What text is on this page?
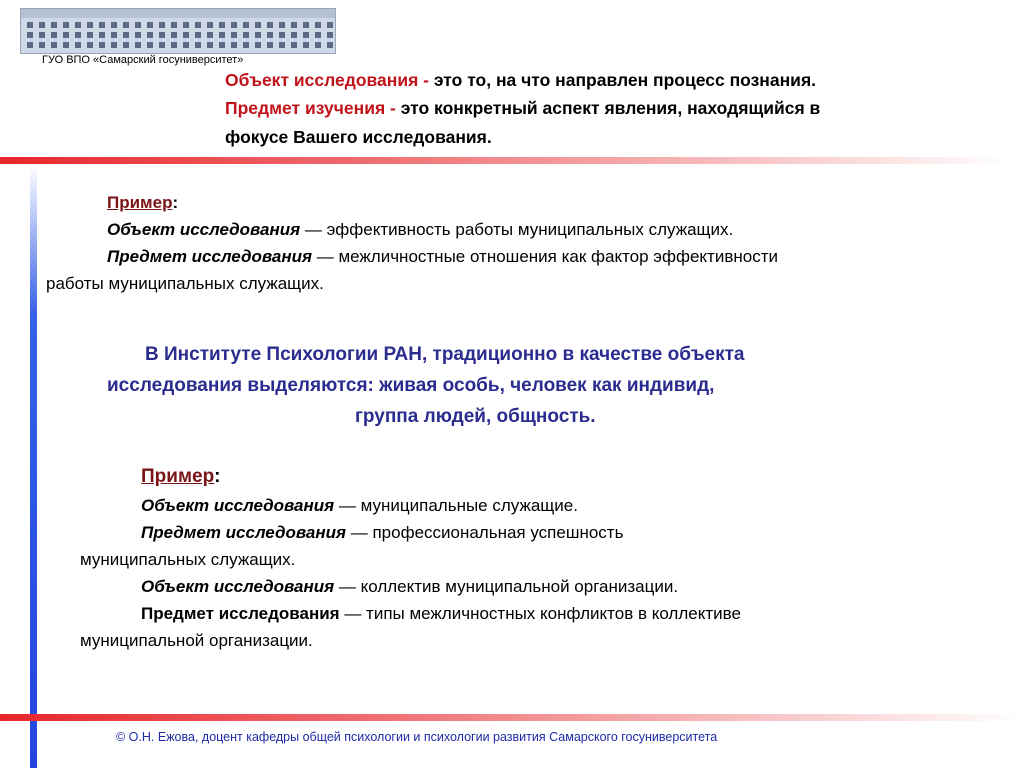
ГУО ВПО «Самарский госуниверситет»
Объект исследования - это то, на что направлен процесс познания.
Предмет изучения - это конкретный аспект явления, находящийся в
фокусе Вашего исследования.
Пример:
Объект исследования — эффективность работы муниципальных служащих.
Предмет исследования — межличностные отношения как фактор эффективности
работы муниципальных служащих.
В Институте Психологии РАН, традиционно в качестве объекта
исследования выделяются: живая особь, человек как индивид,
группа людей, общность.
Пример:
Объект исследования — муниципальные служащие.
Предмет исследования — профессиональная успешность
муниципальных служащих.
Объект исследования — коллектив муниципальной организации.
Предмет исследования — типы межличностных конфликтов в коллективе
муниципальной организации.
© О.Н. Ежова, доцент кафедры общей психологии и психологии развития Самарского госуниверситета
